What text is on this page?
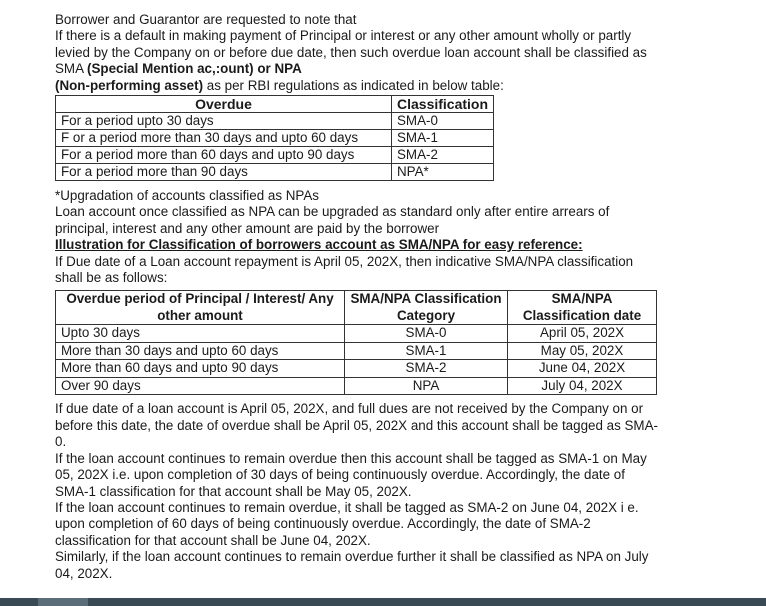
Borrower and Guarantor are requested to note that

If there is a default in making payment of Principal or interest or any other amount wholly or partly levied by the Company on or before due date, then such overdue loan account shall be classified as SMA (Special Mention ac,:ount) or NPA
(Non-performing asset) as per RBI regulations as indicated in below table:

Overdue	Classification
For a period upto 30 days	SMA-0
F or a period more than 30 days and upto 60 days	SMA-1
For a period more than 60 days and upto 90 days	SMA-2
For a period more than 90 days	NPA*

*Upgradation of accounts classified as NPAs

Loan account once classified as NPA can be upgraded as standard only after entire arrears of principal, interest and any other amount are paid by the borrower

Illustration for Classification of borrowers account as SMA/NPA for easy reference:

If Due date of a Loan account repayment is April 05, 202X, then indicative SMA/NPA classification shall be as follows:

Overdue period of Principal / Interest/ Any other amount	SMA/NPA Classification Category	SMA/NPA Classification date
Upto 30 days	SMA-0	April 05, 202X
More than 30 days and upto 60 days	SMA-1	May 05, 202X
More than 60 days and upto 90 days	SMA-2	June 04, 202X
Over 90 days	NPA	July 04, 202X

If due date of a loan account is April 05, 202X, and full dues are not received by the Company on or before this date, the date of overdue shall be April 05, 202X and this account shall be tagged as SMA-0.

If the loan account continues to remain overdue then this account shall be tagged as SMA-1 on May 05, 202X i.e. upon completion of 30 days of being continuously overdue. Accordingly, the date of SMA-1 classification for that account shall be May 05, 202X.

If the loan account continues to remain overdue, it shall be tagged as SMA-2 on June 04, 202X i e. upon completion of 60 days of being continuously overdue. Accordingly, the date of SMA-2 classification for that account shall be June 04, 202X.

Similarly, if the loan account continues to remain overdue further it shall be classified as NPA on July 04, 202X.
